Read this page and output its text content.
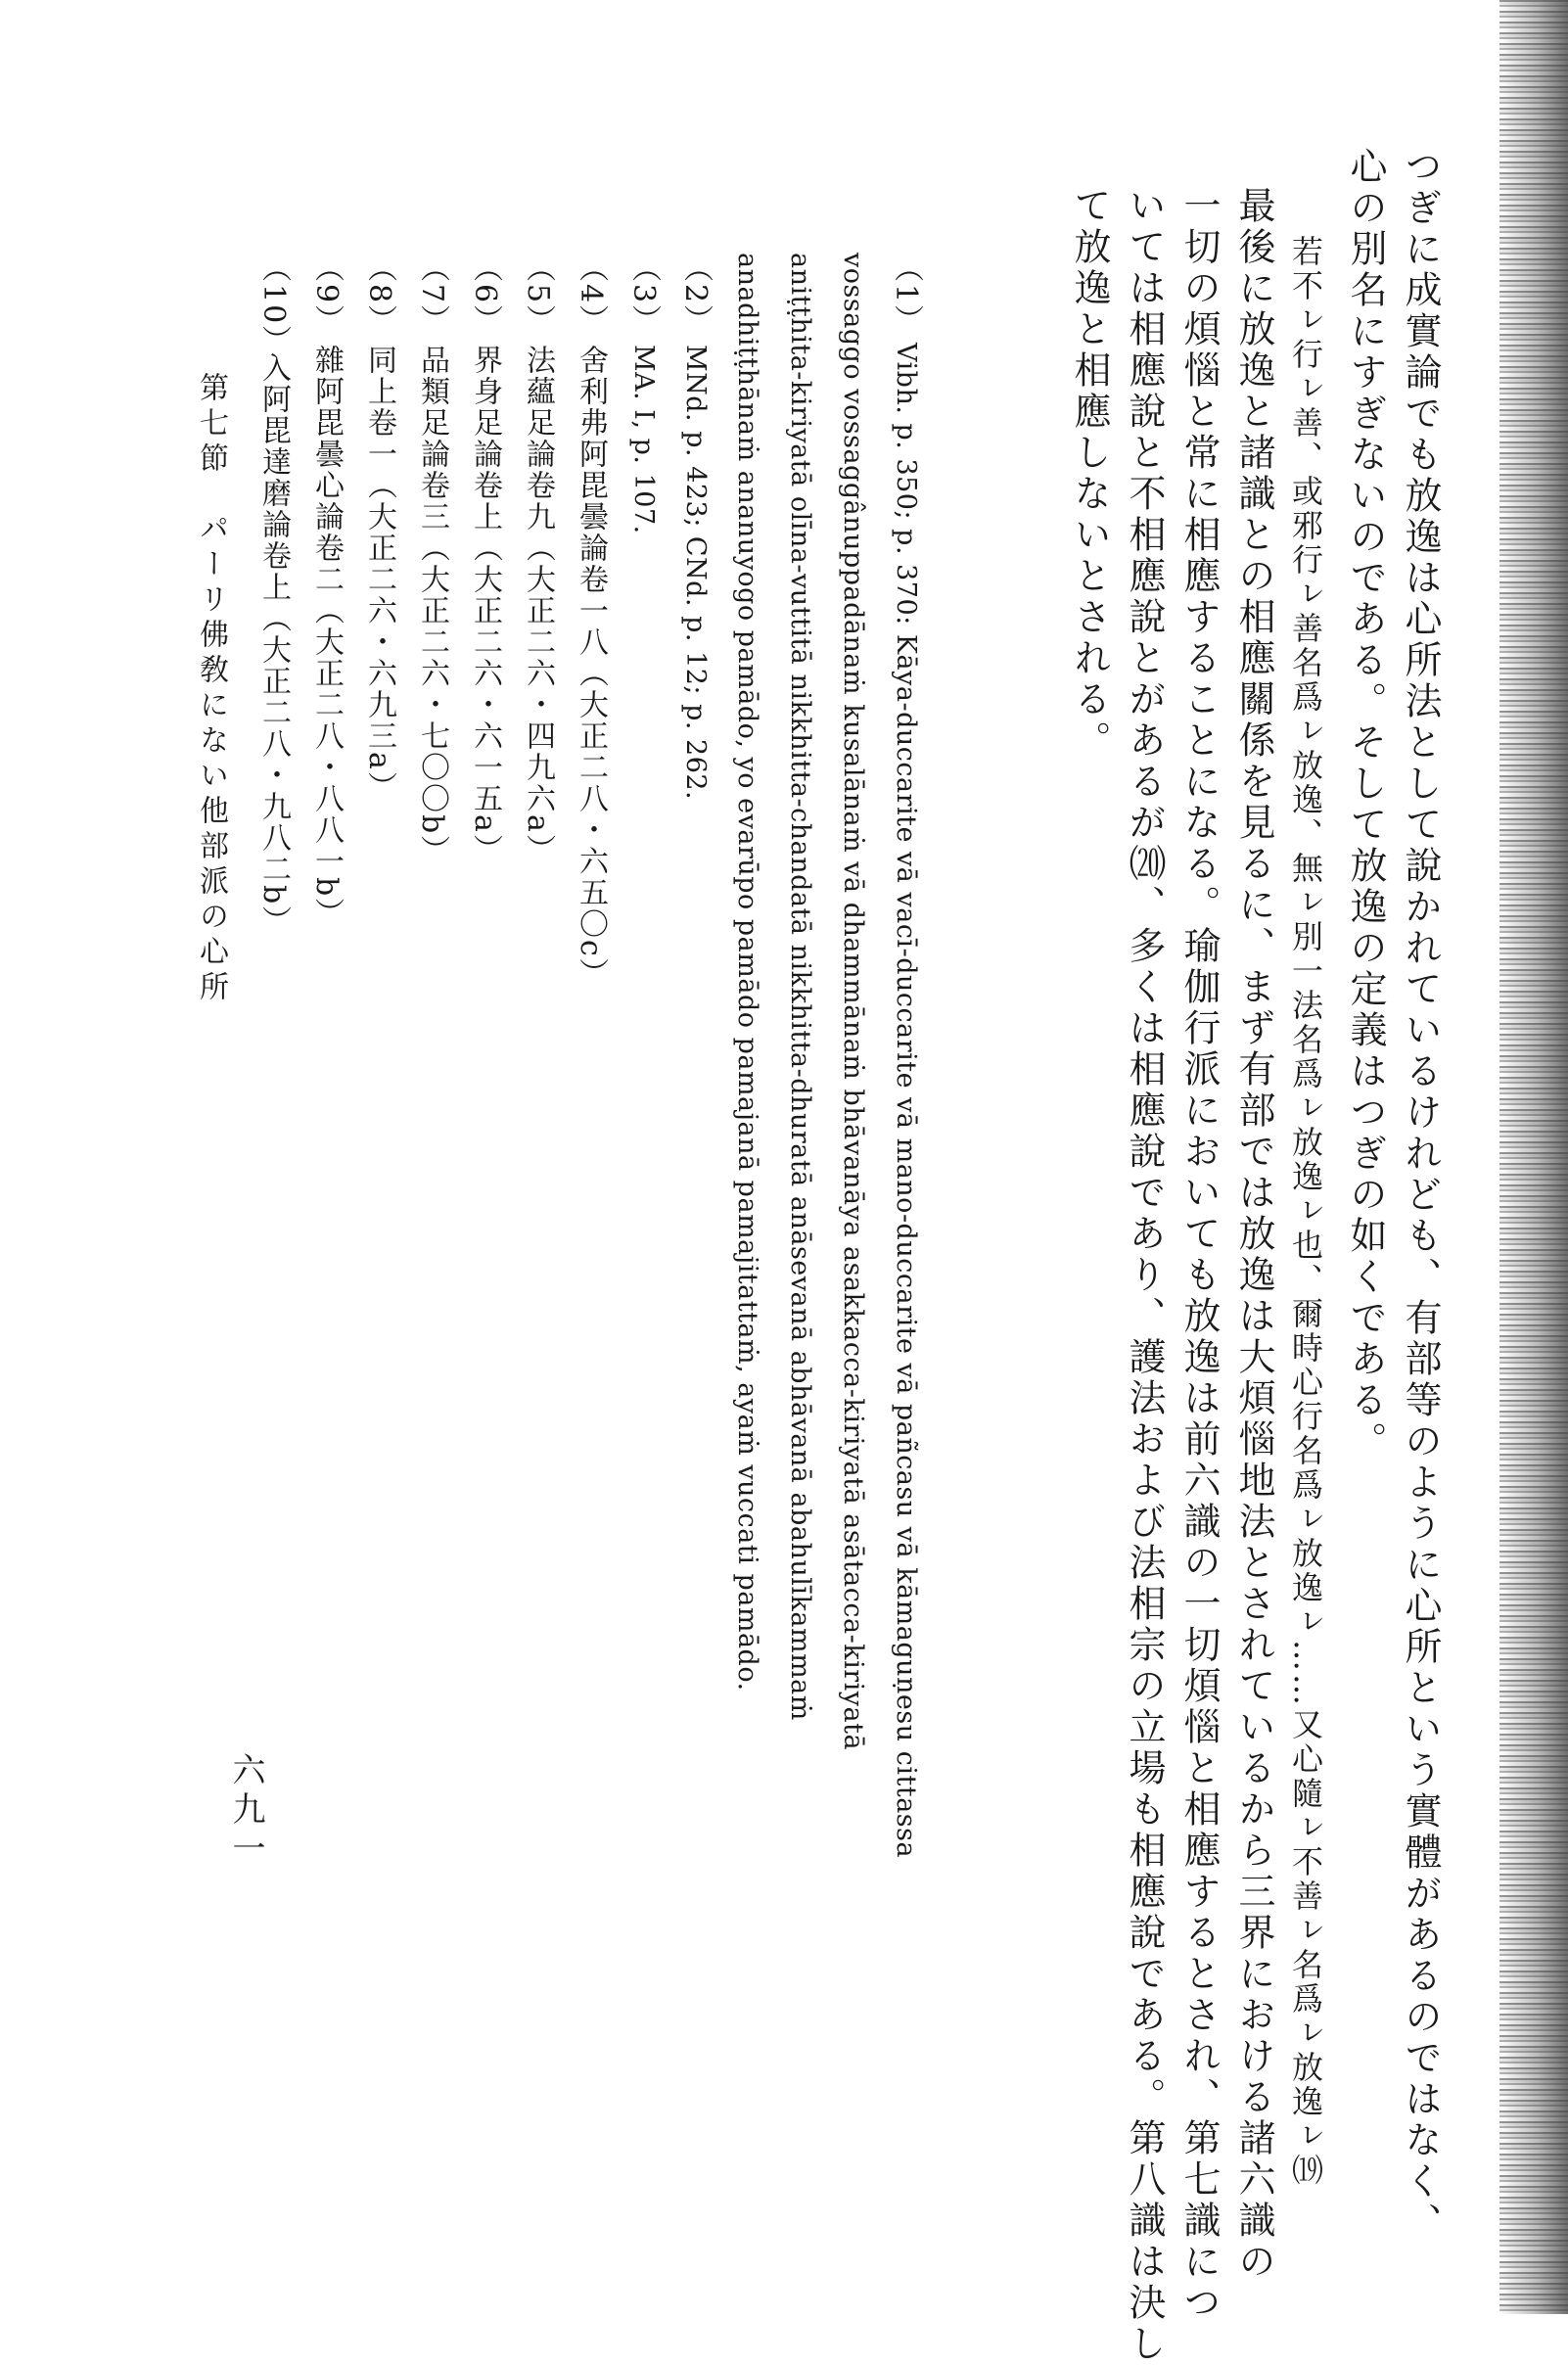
つぎに成實論でも放逸は心所法として說かれているけれども、有部等のように心所という實體があるのではなく、
心の別名にすぎないのである。そして放逸の定義はつぎの如くである。
若不ㇾ行ㇾ善、或邪行ㇾ善名爲ㇾ放逸、無ㇾ別一法名爲ㇾ放逸ㇾ也、爾時心行名爲ㇾ放逸ㇾ……又心隨ㇾ不善ㇾ名爲ㇾ放逸ㇾ⒆
最後に放逸と諸識との相應關係を見るに、まず有部では放逸は大煩惱地法とされているから三界における諸六識の
一切の煩惱と常に相應することになる。瑜伽行派においても放逸は前六識の一切煩惱と相應するとされ、第七識につ
いては相應說と不相應說とがあるが⒇、多くは相應說であり、護法および法相宗の立場も相應說である。第八識は決し
て放逸と相應しないとされる。
（1）
Vibh. p. 350; p. 370: Kāya-duccarite vā vacī-duccarite vā mano-duccarite vā pañcasu vā kāmaguṇesu cittassa
vossaggo vossaggânuppadānaṁ kusalānaṁ vā dhammānaṁ bhāvanāya asakkacca-kiriyatā asātacca-kiriyatā
aniṭṭhita-kiriyatā olīna-vuttitā nikkhitta-chandatā nikkhitta-dhuratā anāsevanā abhāvanā abahulīkammaṁ
anadhiṭṭhānaṁ ananuyogo pamādo, yo evarūpo pamādo pamajanā pamajitattaṁ, ayaṁ vuccati pamādo.
（2）
MNd. p. 423; CNd. p. 12; p. 262.
（3）
MA. I, p. 107.
（4）
舍利弗阿毘曇論卷一八（大正二八・六五〇c）
（5）
法蘊足論卷九（大正二六・四九六a）
（6）
界身足論卷上（大正二六・六一五a）
（7）
品類足論卷三（大正二六・七〇〇b）
（8）
同上卷一（大正二六・六九三a）
（9）
雜阿毘曇心論卷二（大正二八・八八一b）
（10）
入阿毘達磨論卷上（大正二八・九八二b）
第七節　パーリ佛敎にない他部派の心所
六九一
